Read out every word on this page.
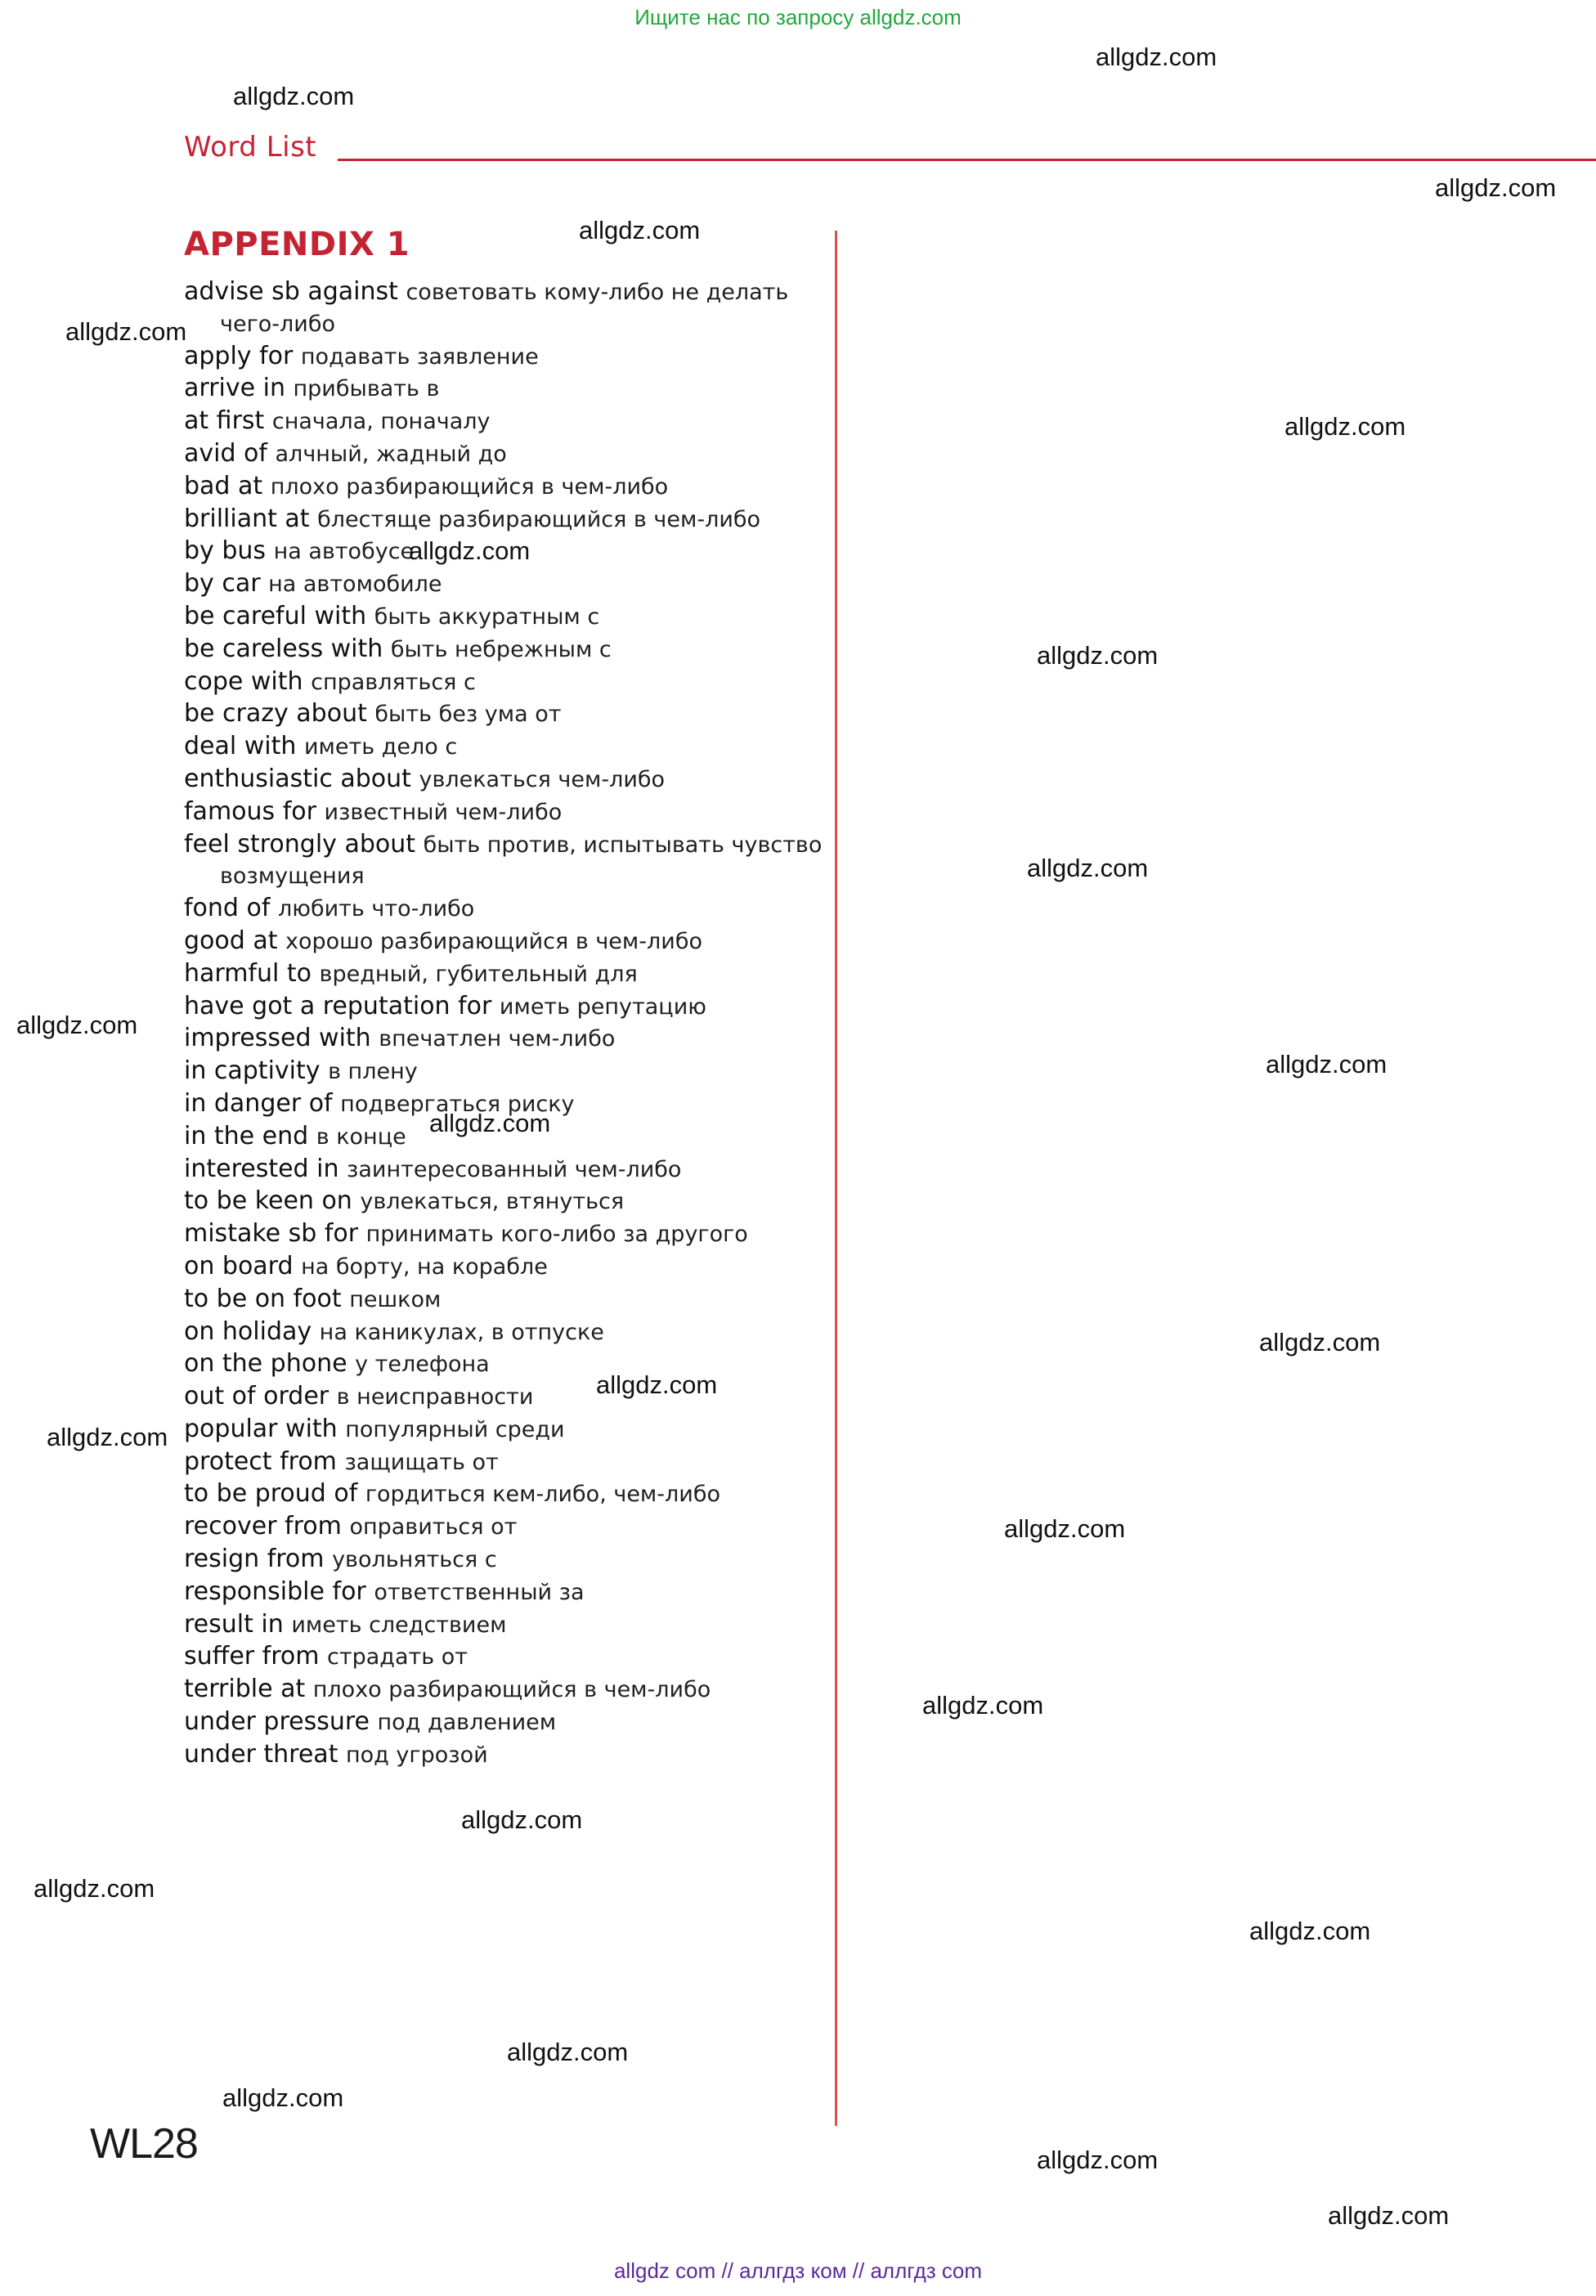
Ищите нас по запросу allgdz.com
Word List
APPENDIX 1
advise sb against советовать кому-либо не делать
чего-либо
apply for подавать заявление
arrive in прибывать в
at first сначала, поначалу
avid of алчный, жадный до
bad at плохо разбирающийся в чем-либо
brilliant at блестяще разбирающийся в чем-либо
by bus на автобусе
by car на автомобиле
be careful with быть аккуратным с
be careless with быть небрежным с
cope with справляться с
be crazy about быть без ума от
deal with иметь дело с
enthusiastic about увлекаться чем-либо
famous for известный чем-либо
feel strongly about быть против, испытывать чувство
возмущения
fond of любить что-либо
good at хорошо разбирающийся в чем-либо
harmful to вредный, губительный для
have got a reputation for иметь репутацию
impressed with впечатлен чем-либо
in captivity в плену
in danger of подвергаться риску
in the end в конце
interested in заинтересованный чем-либо
to be keen on увлекаться, втянуться
mistake sb for принимать кого-либо за другого
on board на борту, на корабле
to be on foot пешком
on holiday на каникулах, в отпуске
on the phone у телефона
out of order в неисправности
popular with популярный среди
protect from защищать от
to be proud of гордиться кем-либо, чем-либо
recover from оправиться от
resign from увольняться с
responsible for ответственный за
result in иметь следствием
suffer from страдать от
terrible at плохо разбирающийся в чем-либо
under pressure под давлением
under threat под угрозой
allgdz.com
allgdz.com
allgdz.com
allgdz.com
allgdz.com
allgdz.com
allgdz.com
allgdz.com
allgdz.com
allgdz.com
allgdz.com
allgdz.com
allgdz.com
allgdz.com
allgdz.com
allgdz.com
allgdz.com
allgdz.com
allgdz.com
allgdz.com
allgdz.com
allgdz.com
allgdz.com
allgdz.com
WL28
allgdz com // аллгдз ком // аллгдз com
